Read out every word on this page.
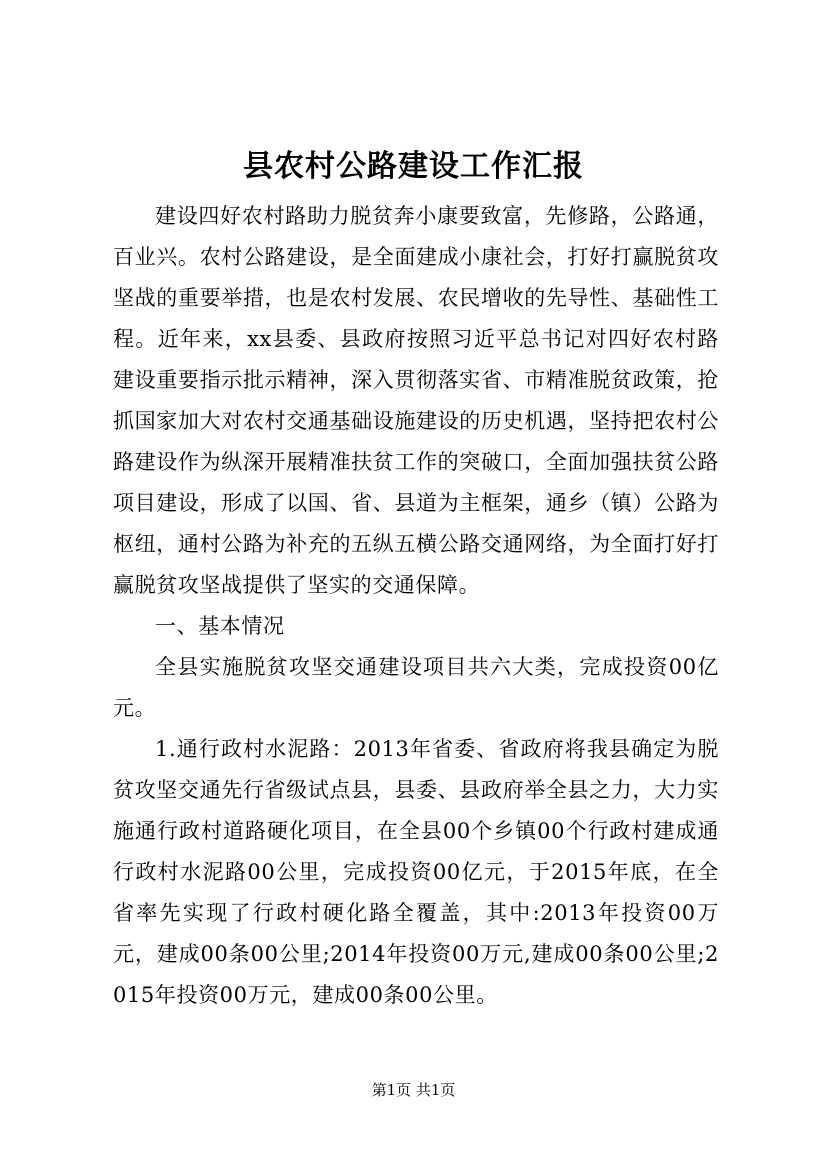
县农村公路建设工作汇报

建设四好农村路助力脱贫奔小康要致富，先修路，公路通，百业兴。农村公路建设，是全面建成小康社会，打好打赢脱贫攻坚战的重要举措，也是农村发展、农民增收的先导性、基础性工程。近年来，xx县委、县政府按照习近平总书记对四好农村路建设重要指示批示精神，深入贯彻落实省、市精准脱贫政策，抢抓国家加大对农村交通基础设施建设的历史机遇，坚持把农村公路建设作为纵深开展精准扶贫工作的突破口，全面加强扶贫公路项目建设，形成了以国、省、县道为主框架，通乡（镇）公路为枢纽，通村公路为补充的五纵五横公路交通网络，为全面打好打赢脱贫攻坚战提供了坚实的交通保障。

一、基本情况

全县实施脱贫攻坚交通建设项目共六大类，完成投资00亿元。

1.通行政村水泥路：2013年省委、省政府将我县确定为脱贫攻坚交通先行省级试点县，县委、县政府举全县之力，大力实施通行政村道路硬化项目，在全县00个乡镇00个行政村建成通行政村水泥路00公里，完成投资00亿元，于2015年底，在全省率先实现了行政村硬化路全覆盖，其中:2013年投资00万元，建成00条00公里;2014年投资00万元,建成00条00公里;2015年投资00万元，建成00条00公里。

第1页 共1页
